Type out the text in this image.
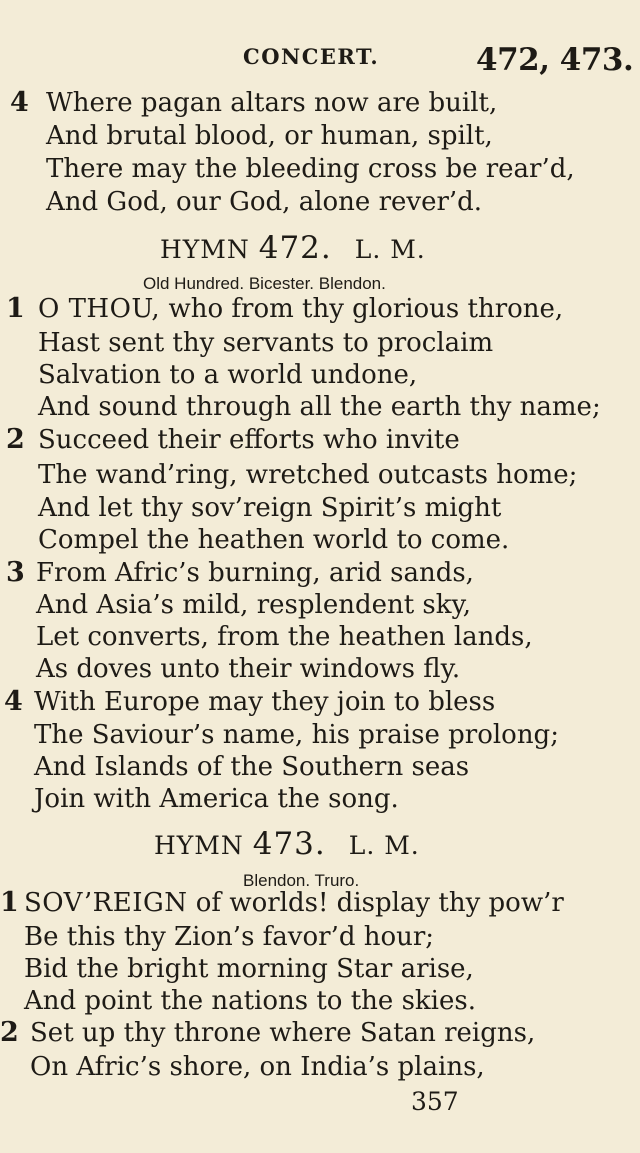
CONCERT.	472, 473.
4 Where pagan altars now are built,
And brutal blood, or human, spilt,
There may the bleeding cross be rear’d,
And God, our God, alone rever’d.
HYMN 472. L. M.
Old Hundred. Bicester. Blendon.
1 O THOU, who from thy glorious throne,
Hast sent thy servants to proclaim
Salvation to a world undone,
And sound through all the earth thy name;
2 Succeed their efforts who invite
The wand’ring, wretched outcasts home;
And let thy sov’reign Spirit’s might
Compel the heathen world to come.
3 From Afric’s burning, arid sands,
And Asia’s mild, resplendent sky,
Let converts, from the heathen lands,
As doves unto their windows fly.
4 With Europe may they join to bless
The Saviour’s name, his praise prolong;
And Islands of the Southern seas
Join with America the song.
HYMN 473. L. M.
Blendon. Truro.
1 SOV’REIGN of worlds! display thy pow’r
Be this thy Zion’s favor’d hour;
Bid the bright morning Star arise,
And point the nations to the skies.
2 Set up thy throne where Satan reigns,
On Afric’s shore, on India’s plains,
357
